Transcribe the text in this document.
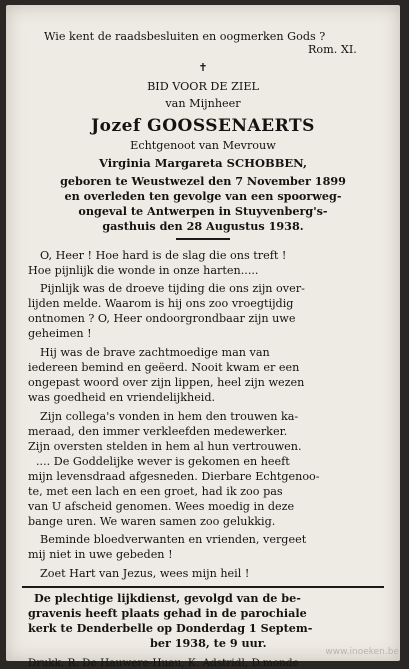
Wie kent de raadsbesluiten en oogmerken Gods ?
Rom. XI.
✝
BID VOOR DE ZIEL
van Mijnheer
Jozef GOOSSENAERTS
Echtgenoot van Mevrouw
Virginia Margareta SCHOBBEN,
geboren te Weustwezel den 7 November 1899
en overleden ten gevolge van een spoorweg-
ongeval te Antwerpen in Stuyvenberg's-
gasthuis den 28 Augustus 1938.
O, Heer ! Hoe hard is de slag die ons treft !
Hoe pijnlijk die wonde in onze harten.....
Pijnlijk was de droeve tijding die ons zijn over-
lijden melde. Waarom is hij ons zoo vroegtijdig
ontnomen ? O, Heer ondoorgrondbaar zijn uwe
geheimen !
Hij was de brave zachtmoedige man van
iedereen bemind en geëerd. Nooit kwam er een
ongepast woord over zijn lippen, heel zijn wezen
was goedheid en vriendelijkheid.
Zijn collega's vonden in hem den trouwen ka-
meraad, den immer verkleefden medewerker.
Zijn oversten stelden in hem al hun vertrouwen.
.... De Goddelijke wever is gekomen en heeft
mijn levensdraad afgesneden. Dierbare Echtgenoo-
te, met een lach en een groet, had ik zoo pas
van U afscheid genomen. Wees moedig in deze
bange uren. We waren samen zoo gelukkig.
Beminde bloedverwanten en vrienden, vergeet
mij niet in uwe gebeden !
Zoet Hart van Jezus, wees mijn heil !
De plechtige lijkdienst, gevolgd van de be-
gravenis heeft plaats gehad in de parochiale
kerk te Denderbelle op Donderdag 1 Septem-
ber 1938, te 9 uur.
Drukk. R. De Hauwere-Huau, K. Adstridl, D.monde
www.inoeken.be
